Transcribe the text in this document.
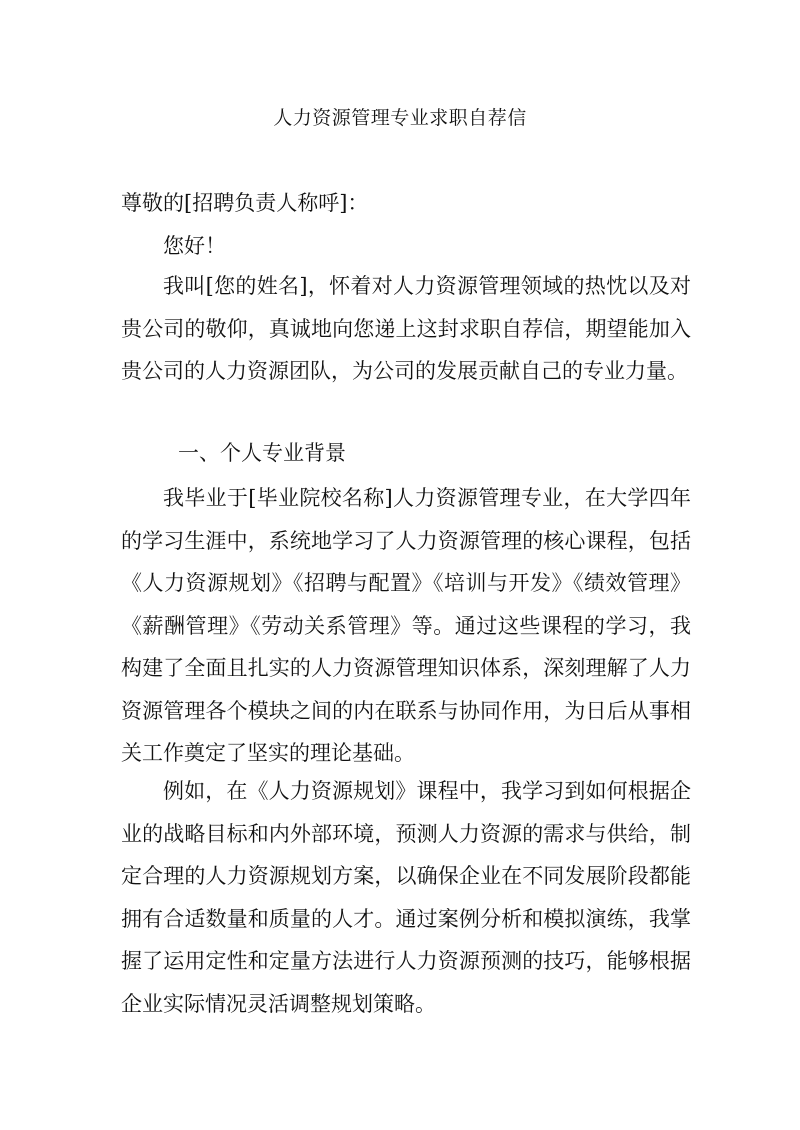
人力资源管理专业求职自荐信
尊敬的[招聘负责人称呼]：
您好！

我叫[您的姓名]，怀着对人力资源管理领域的热忱以及对贵公司的敬仰，真诚地向您递上这封求职自荐信，期望能加入贵公司的人力资源团队，为公司的发展贡献自己的专业力量。

一、个人专业背景

我毕业于[毕业院校名称]人力资源管理专业，在大学四年的学习生涯中，系统地学习了人力资源管理的核心课程，包括《人力资源规划》《招聘与配置》《培训与开发》《绩效管理》《薪酬管理》《劳动关系管理》等。通过这些课程的学习，我构建了全面且扎实的人力资源管理知识体系，深刻理解了人力资源管理各个模块之间的内在联系与协同作用，为日后从事相关工作奠定了坚实的理论基础。

例如，在《人力资源规划》课程中，我学习到如何根据企业的战略目标和内外部环境，预测人力资源的需求与供给，制定合理的人力资源规划方案，以确保企业在不同发展阶段都能拥有合适数量和质量的人才。通过案例分析和模拟演练，我掌握了运用定性和定量方法进行人力资源预测的技巧，能够根据企业实际情况灵活调整规划策略。
